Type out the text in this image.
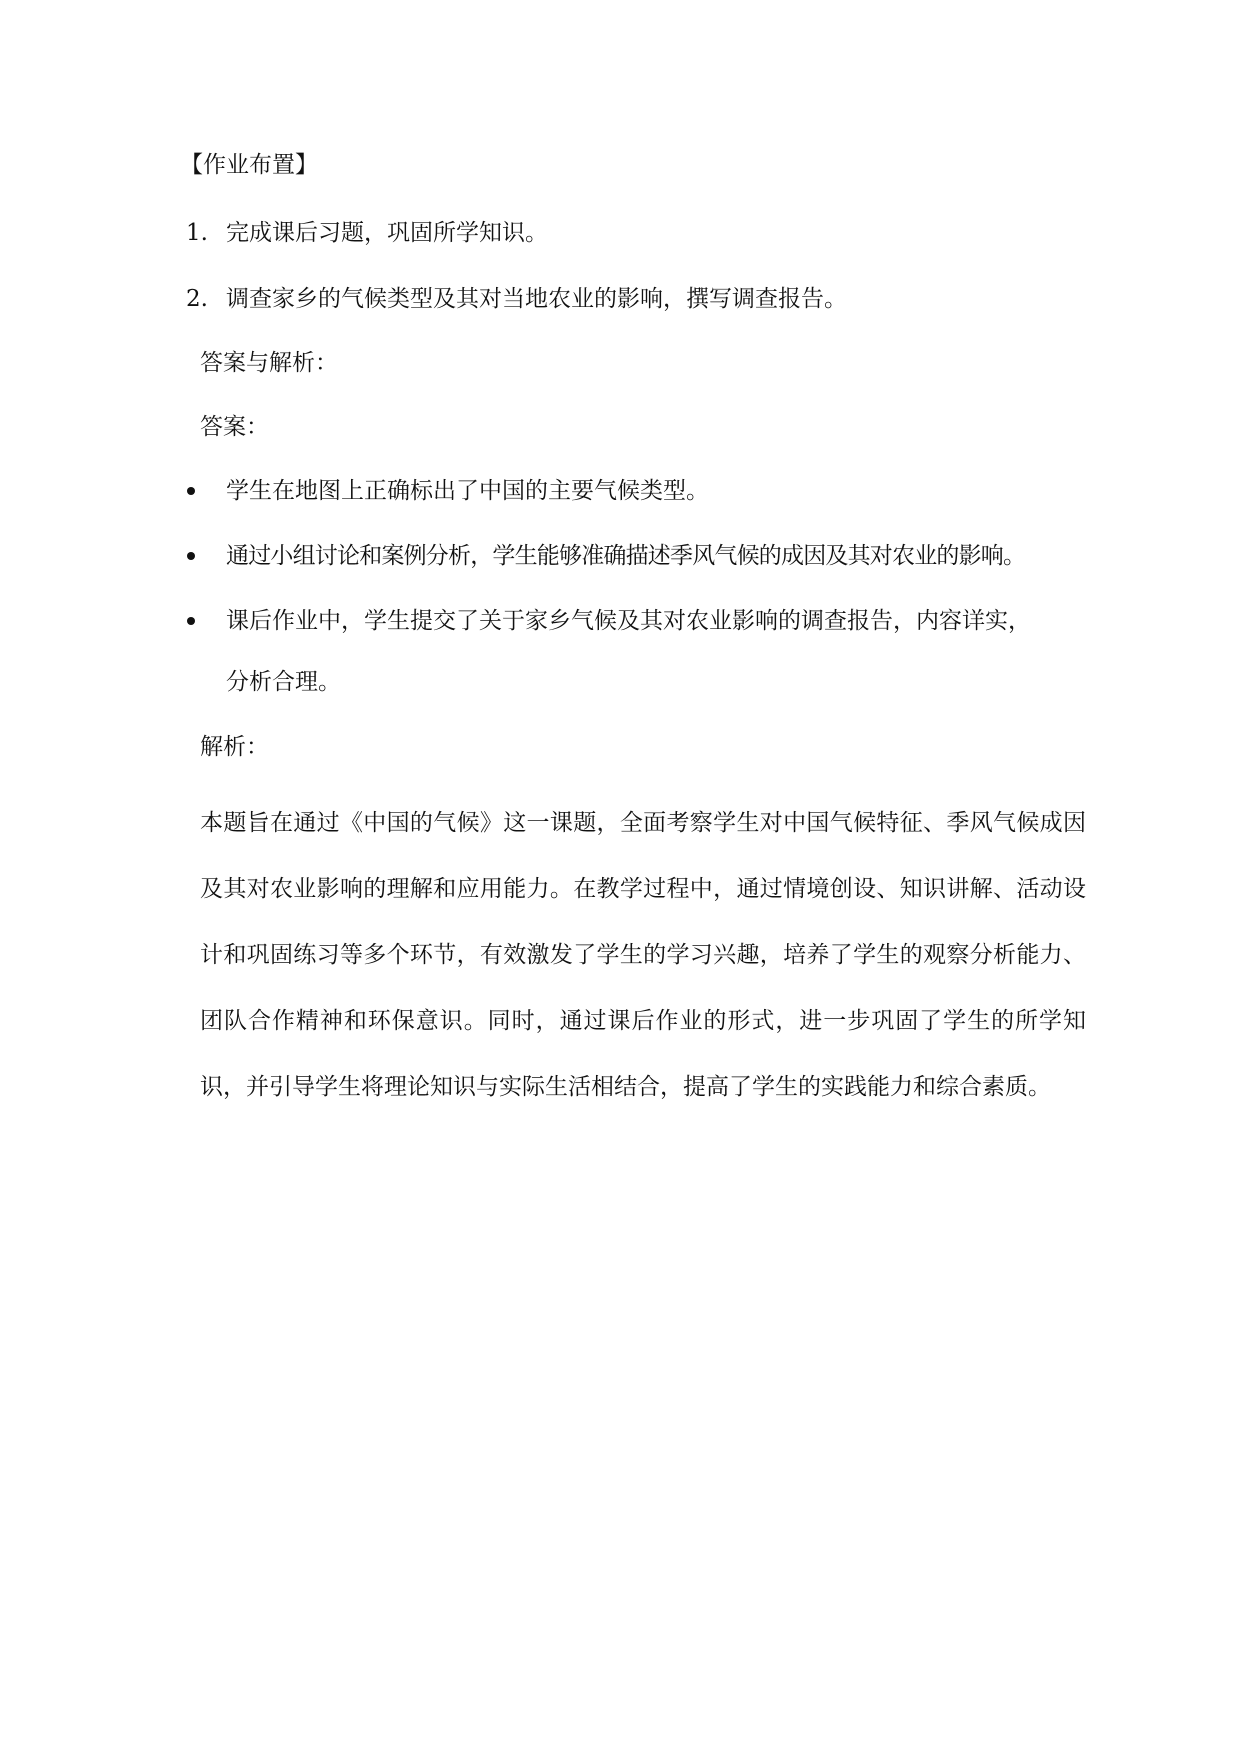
【作业布置】
1. 完成课后习题，巩固所学知识。
2. 调查家乡的气候类型及其对当地农业的影响，撰写调查报告。
答案与解析：
答案：
学生在地图上正确标出了中国的主要气候类型。
通过小组讨论和案例分析，学生能够准确描述季风气候的成因及其对农业的影响。
课后作业中，学生提交了关于家乡气候及其对农业影响的调查报告，内容详实，
分析合理。
解析：
本题旨在通过《中国的气候》这一课题，全面考察学生对中国气候特征、季风气候成因及其对农业影响的理解和应用能力。在教学过程中，通过情境创设、知识讲解、活动设计和巩固练习等多个环节，有效激发了学生的学习兴趣，培养了学生的观察分析能力、团队合作精神和环保意识。同时，通过课后作业的形式，进一步巩固了学生的所学知识，并引导学生将理论知识与实际生活相结合，提高了学生的实践能力和综合素质。
